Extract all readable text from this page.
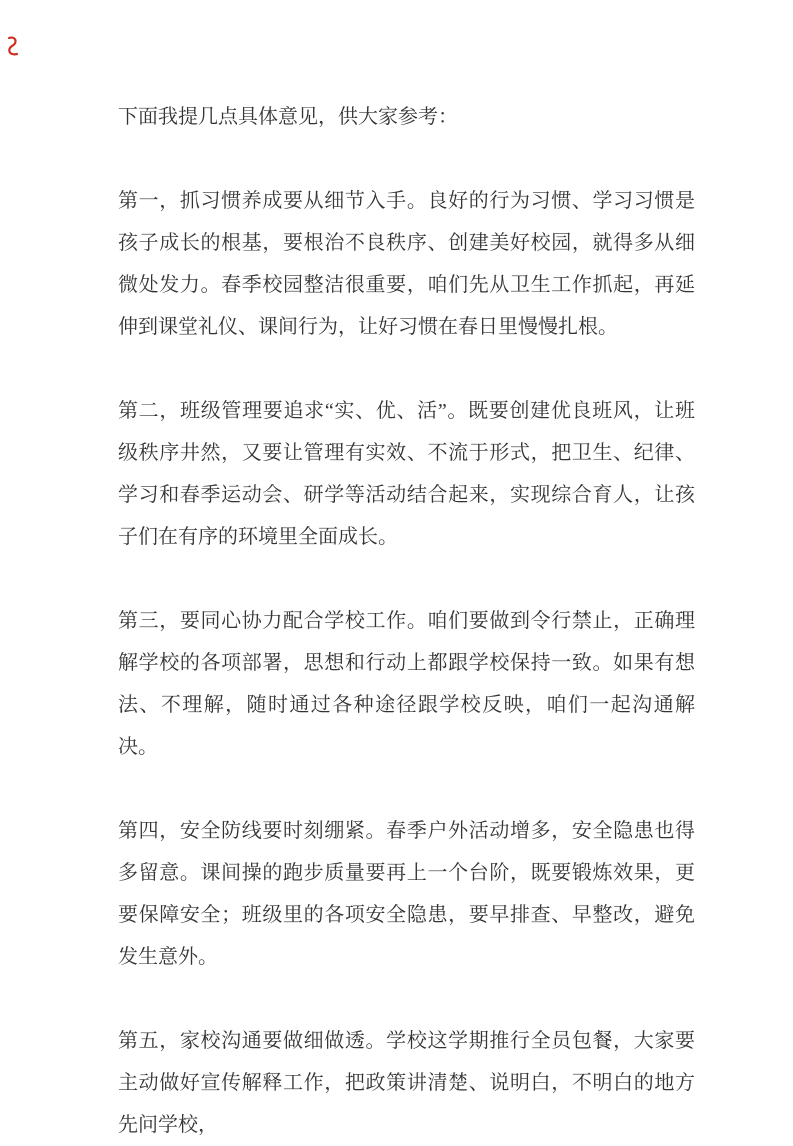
下面我提几点具体意见，供大家参考：

第一，抓习惯养成要从细节入手。良好的行为习惯、学习习惯是孩子成长的根基，要根治不良秩序、创建美好校园，就得多从细微处发力。春季校园整洁很重要，咱们先从卫生工作抓起，再延伸到课堂礼仪、课间行为，让好习惯在春日里慢慢扎根。

第二，班级管理要追求“实、优、活”。既要创建优良班风，让班级秩序井然，又要让管理有实效、不流于形式，把卫生、纪律、学习和春季运动会、研学等活动结合起来，实现综合育人，让孩子们在有序的环境里全面成长。

第三，要同心协力配合学校工作。咱们要做到令行禁止，正确理解学校的各项部署，思想和行动上都跟学校保持一致。如果有想法、不理解，随时通过各种途径跟学校反映，咱们一起沟通解决。

第四，安全防线要时刻绷紧。春季户外活动增多，安全隐患也得多留意。课间操的跑步质量要再上一个台阶，既要锻炼效果，更要保障安全；班级里的各项安全隐患，要早排查、早整改，避免发生意外。

第五，家校沟通要做细做透。学校这学期推行全员包餐，大家要主动做好宣传解释工作，把政策讲清楚、说明白，不明白的地方先问学校，
